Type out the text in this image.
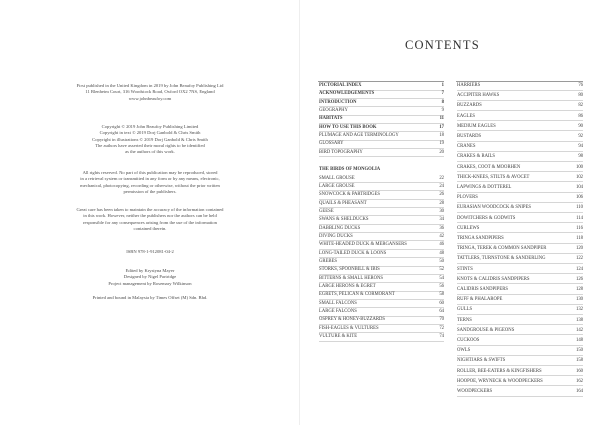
First published in the United Kingdom in 2019 by John Beaufoy Publishing Ltd
11 Blenheim Court, 316 Woodstock Road, Oxford OX2 7NS, England
www.johnbeaufoy.com
Copyright © 2019 John Beaufoy Publishing Limited
Copyright in text © 2019 Dorj Ganbold & Chris Smith
Copyright in illustrations © 2019 Dorj Ganbold & Chris Smith
The authors have asserted their moral rights to be identified
as the authors of this work.
All rights reserved. No part of this publication may be reproduced, stored
in a retrieval system or transmitted in any form or by any means, electronic,
mechanical, photocopying, recording or otherwise, without the prior written
permission of the publishers.
Great care has been taken to maintain the accuracy of the information contained
in this work. However, neither the publishers nor the authors can be held
responsible for any consequences arising from the use of the information
contained therein.
ISBN 978-1-912081-04-2
Edited by Krystyna Mayer
Designed by Nigel Partridge
Project management by Rosemary Wilkinson
Printed and bound in Malaysia by Times Offset (M) Sdn. Bhd.
CONTENTS
PICTORIAL INDEX	1
ACKNOWLEDGEMENTS	7
INTRODUCTION	8
GEOGRAPHY	9
HABITATS	11
HOW TO USE THIS BOOK	17
PLUMAGE AND AGE TERMINOLOGY	18
GLOSSARY	19
BIRD TOPOGRAPHY	20
THE BIRDS OF MONGOLIA
SMALL GROUSE	22
LARGE GROUSE	24
SNOWCOCK & PARTRIDGES	26
QUAILS & PHEASANT	28
GEESE	30
SWANS & SHELDUCKS	34
DABBLING DUCKS	36
DIVING DUCKS	42
WHITE-HEADED DUCK & MERGANSERS	46
LONG-TAILED DUCK & LOONS	48
GREBES	50
STORKS, SPOONBILL & IBIS	52
BITTERNS & SMALL HERONS	54
LARGE HERONS & EGRET	56
EGRETS, PELICAN & CORMORANT	58
SMALL FALCONS	60
LARGE FALCONS	64
OSPREY & HONEY-BUZZARDS	70
FISH-EAGLES & VULTURES	72
VULTURE & KITE	74
HARRIERS	76
ACCIPITER HAWKS	80
BUZZARDS	82
EAGLES	86
MEDIUM EAGLES	90
BUSTARDS	92
CRANES	94
CRAKES & RAILS	98
CRAKES, COOT & MOORHEN	100
THICK-KNEES, STILTS & AVOCET	102
LAPWINGS & DOTTEREL	104
PLOVERS	106
EURASIAN WOODCOCK & SNIPES	110
DOWITCHERS & GODWITS	114
CURLEWS	116
TRINGA SANDPIPERS	118
TRINGA, TEREK & COMMON SANDPIPER	120
TATTLERS, TURNSTONE & SANDERLING	122
STINTS	124
KNOTS & CALIDRIS SANDPIPERS	126
CALIDRIS SANDPIPERS	128
RUFF & PHALAROPE	130
GULLS	132
TERNS	138
SANDGROUSE & PIGEONS	142
CUCKOOS	148
OWLS	150
NIGHTJARS & SWIFTS	158
ROLLER, BEE-EATERS & KINGFISHERS	160
HOOPOE, WRYNECK & WOODPECKERS	162
WOODPECKERS	164
